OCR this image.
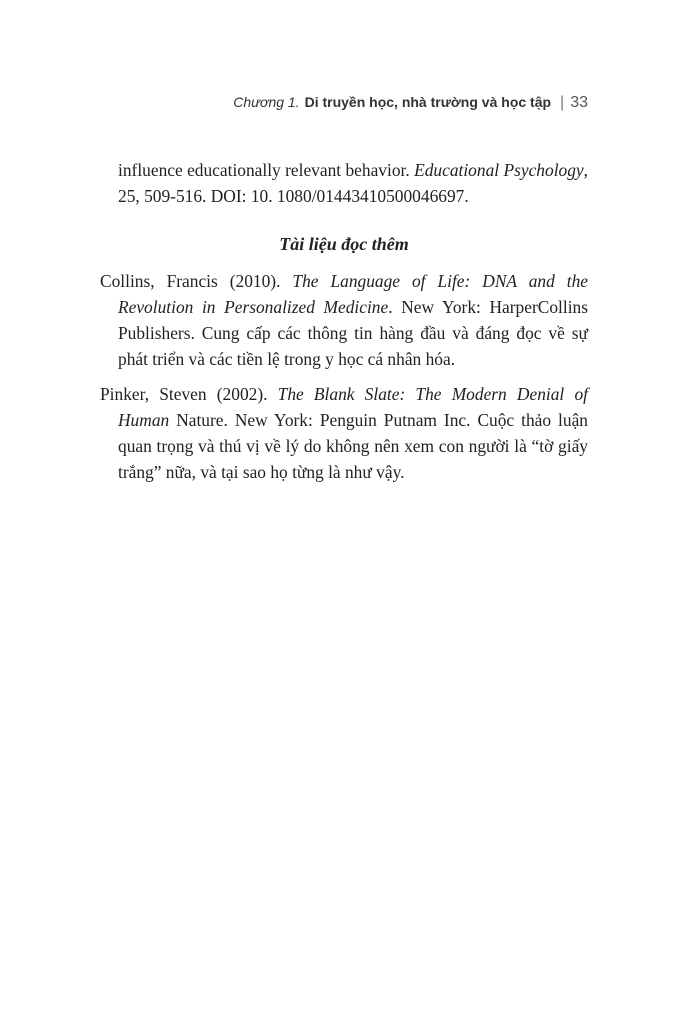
Chương 1. Di truyền học, nhà trường và học tập | 33
influence educationally relevant behavior. Educational Psychology, 25, 509-516. DOI: 10. 1080/01443410500046697.
Tài liệu đọc thêm
Collins, Francis (2010). The Language of Life: DNA and the Revolution in Personalized Medicine. New York: HarperCollins Publishers. Cung cấp các thông tin hàng đầu và đáng đọc về sự phát triển và các tiền lệ trong y học cá nhân hóa.
Pinker, Steven (2002). The Blank Slate: The Modern Denial of Human Nature. New York: Penguin Putnam Inc. Cuộc thảo luận quan trọng và thú vị về lý do không nên xem con người là “tờ giấy trắng” nữa, và tại sao họ từng là như vậy.
